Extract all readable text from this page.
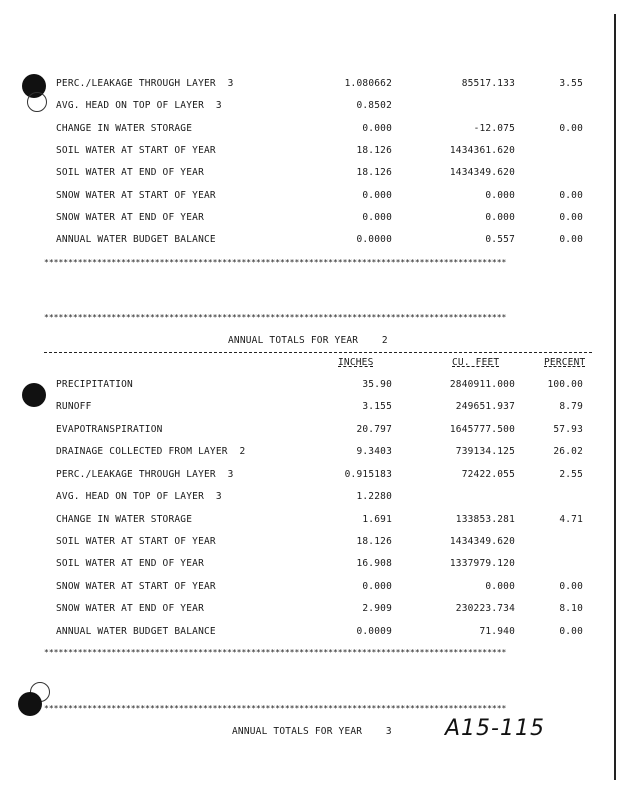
PERC./LEAKAGE THROUGH LAYER  3	1.080662	85517.133	3.55
AVG. HEAD ON TOP OF LAYER  3	0.8502
CHANGE IN WATER STORAGE	0.000	-12.075	0.00
SOIL WATER AT START OF YEAR	18.126	1434361.620
SOIL WATER AT END OF YEAR	18.126	1434349.620
SNOW WATER AT START OF YEAR	0.000	0.000	0.00
SNOW WATER AT END OF YEAR	0.000	0.000	0.00
ANNUAL WATER BUDGET BALANCE	0.0000	0.557	0.00
************************************************************************************************
************************************************************************************************
ANNUAL TOTALS FOR YEAR    2
INCHES	CU. FEET	PERCENT
PRECIPITATION	35.90	2840911.000	100.00
RUNOFF	3.155	249651.937	8.79
EVAPOTRANSPIRATION	20.797	1645777.500	57.93
DRAINAGE COLLECTED FROM LAYER  2	9.3403	739134.125	26.02
PERC./LEAKAGE THROUGH LAYER  3	0.915183	72422.055	2.55
AVG. HEAD ON TOP OF LAYER  3	1.2280
CHANGE IN WATER STORAGE	1.691	133853.281	4.71
SOIL WATER AT START OF YEAR	18.126	1434349.620
SOIL WATER AT END OF YEAR	16.908	1337979.120
SNOW WATER AT START OF YEAR	0.000	0.000	0.00
SNOW WATER AT END OF YEAR	2.909	230223.734	8.10
ANNUAL WATER BUDGET BALANCE	0.0009	71.940	0.00
************************************************************************************************
************************************************************************************************
ANNUAL TOTALS FOR YEAR    3 A15-115
